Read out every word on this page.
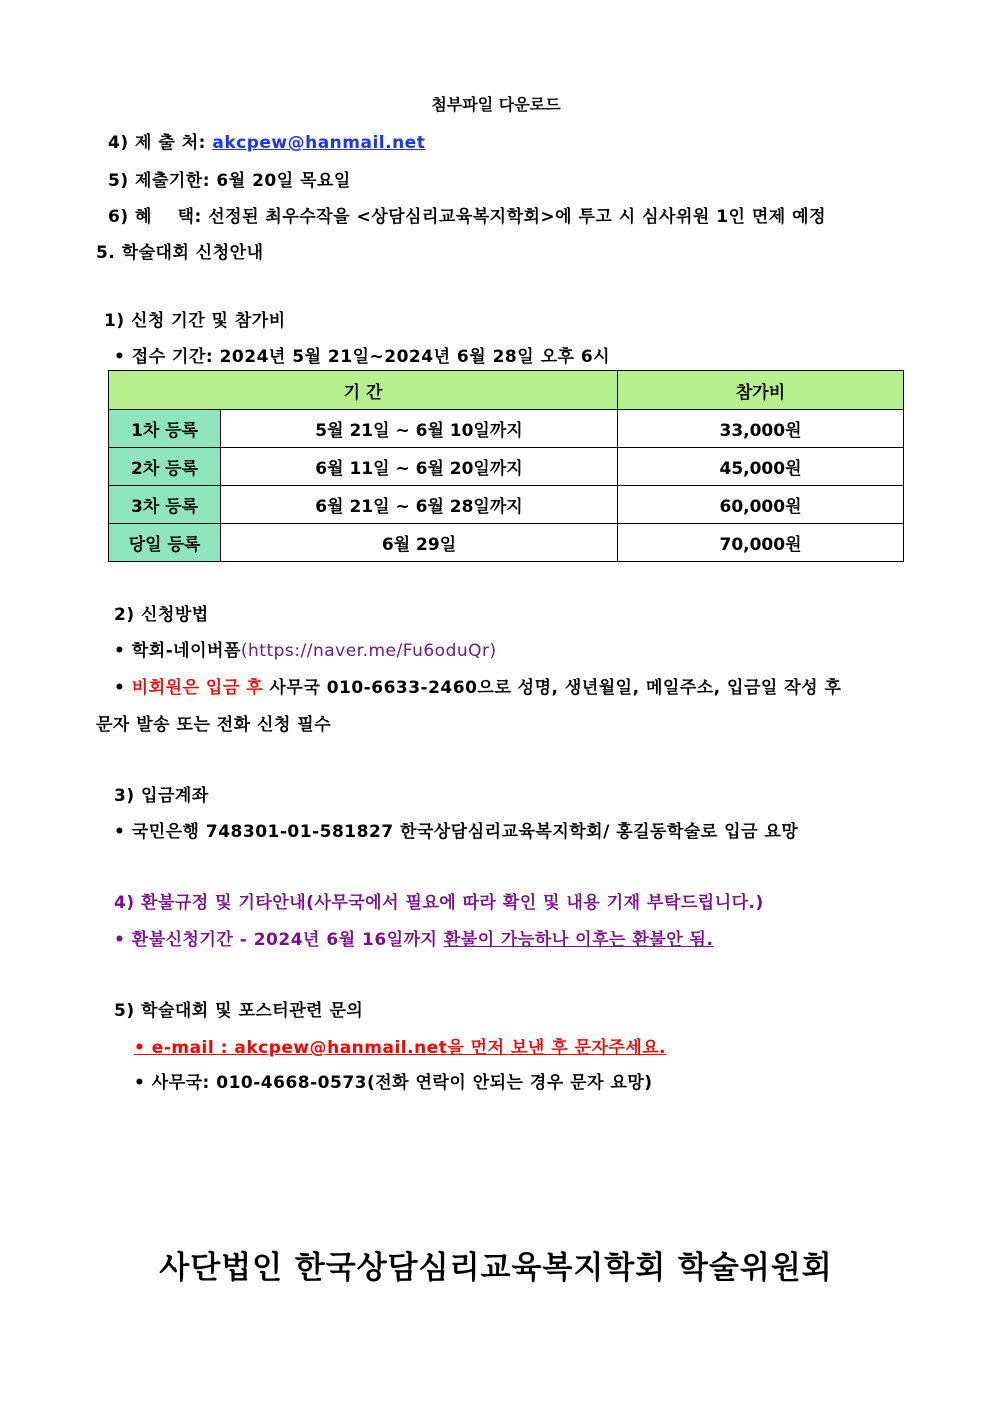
첨부파일 다운로드
4) 제 출 처: akcpew@hanmail.net
5) 제출기한: 6월 20일 목요일
6) 혜    택: 선정된 최우수작을 <상담심리교육복지학회>에 투고 시 심사위원 1인 면제 예정
5. 학술대회 신청안내
1) 신청 기간 및 참가비
• 접수 기간: 2024년 5월 21일~2024년 6월 28일 오후 6시
기 간		참가비
1차 등록	5월 21일 ~ 6월 10일까지	33,000원
2차 등록	6월 11일 ~ 6월 20일까지	45,000원
3차 등록	6월 21일 ~ 6월 28일까지	60,000원
당일 등록	6월 29일	70,000원
2) 신청방법
• 학회-네이버폼(https://naver.me/Fu6oduQr)
• 비회원은 입금 후 사무국 010-6633-2460으로 성명, 생년월일, 메일주소, 입금일 작성 후
문자 발송 또는 전화 신청 필수
3) 입금계좌
• 국민은행 748301-01-581827 한국상담심리교육복지학회/ 홍길동학술로 입금 요망
4) 환불규정 및 기타안내(사무국에서 필요에 따라 확인 및 내용 기재 부탁드립니다.)
• 환불신청기간 - 2024년 6월 16일까지 환불이 가능하나 이후는 환불안 됨.
5) 학술대회 및 포스터관련 문의
• e-mail : akcpew@hanmail.net을 먼저 보낸 후 문자주세요.
• 사무국: 010-4668-0573(전화 연락이 안되는 경우 문자 요망)
사단법인 한국상담심리교육복지학회 학술위원회
